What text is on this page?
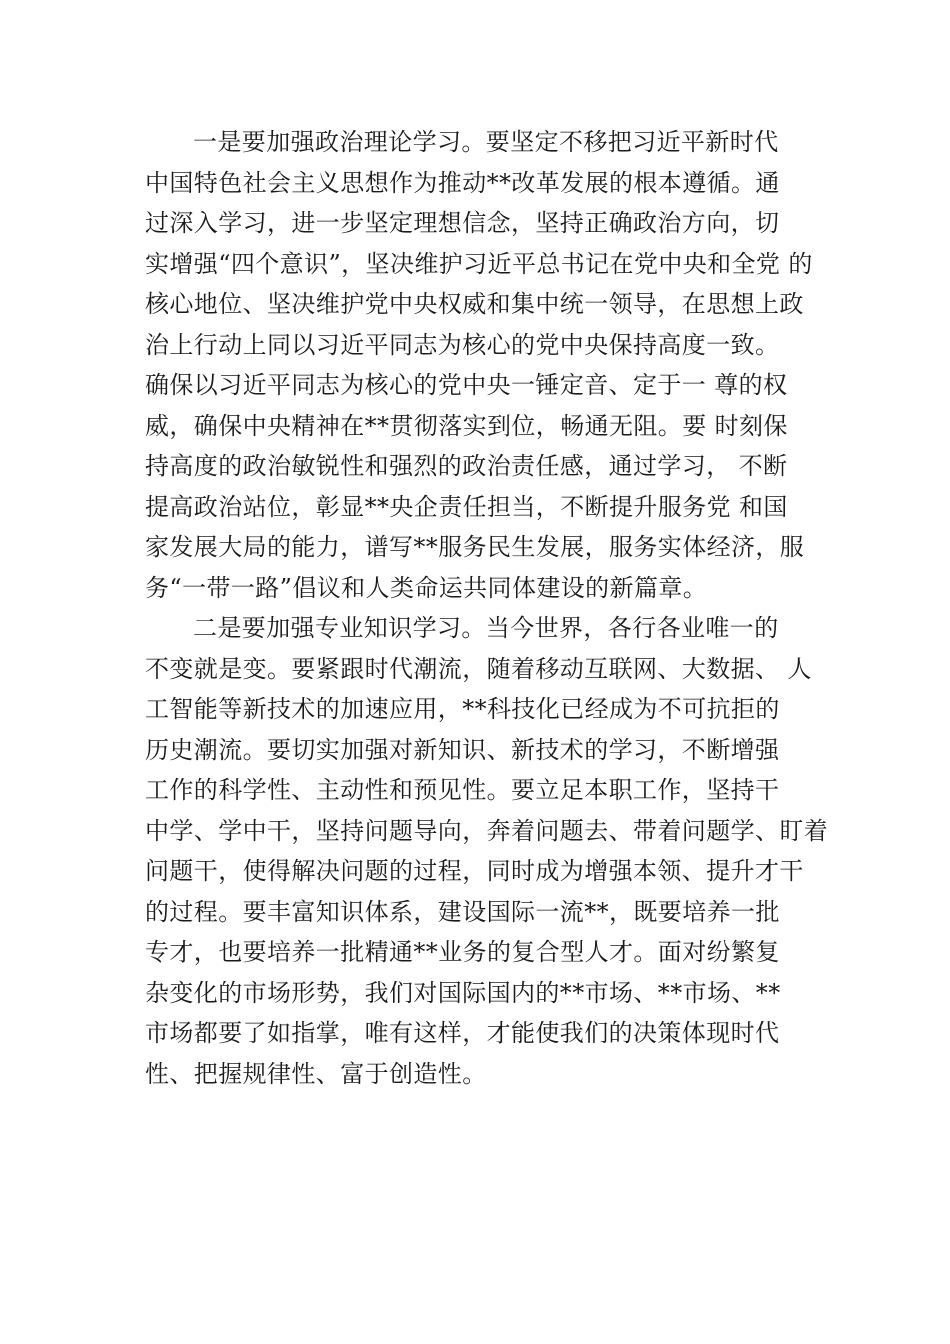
一是要加强政治理论学习。要坚定不移把习近平新时代
中国特色社会主义思想作为推动**改革发展的根本遵循。通
过深入学习，进一步坚定理想信念，坚持正确政治方向，切
实增强“四个意识”，坚决维护习近平总书记在党中央和全党 的
核心地位、坚决维护党中央权威和集中统一领导，在思想上政
治上行动上同以习近平同志为核心的党中央保持高度一致。
确保以习近平同志为核心的党中央一锤定音、定于一 尊的权
威，确保中央精神在**贯彻落实到位，畅通无阻。要 时刻保
持高度的政治敏锐性和强烈的政治责任感，通过学习， 不断
提高政治站位，彰显**央企责任担当，不断提升服务党 和国
家发展大局的能力，谱写**服务民生发展，服务实体经济，服
务“一带一路”倡议和人类命运共同体建设的新篇章。
二是要加强专业知识学习。当今世界，各行各业唯一的
不变就是变。要紧跟时代潮流，随着移动互联网、大数据、 人
工智能等新技术的加速应用，**科技化已经成为不可抗拒的
历史潮流。要切实加强对新知识、新技术的学习，不断增强
工作的科学性、主动性和预见性。要立足本职工作，坚持干
中学、学中干，坚持问题导向，奔着问题去、带着问题学、盯着
问题干，使得解决问题的过程，同时成为增强本领、提升才干
的过程。要丰富知识体系，建设国际一流**，既要培养一批
专才，也要培养一批精通**业务的复合型人才。面对纷繁复
杂变化的市场形势，我们对国际国内的**市场、**市场、**
市场都要了如指掌，唯有这样，才能使我们的决策体现时代
性、把握规律性、富于创造性。
